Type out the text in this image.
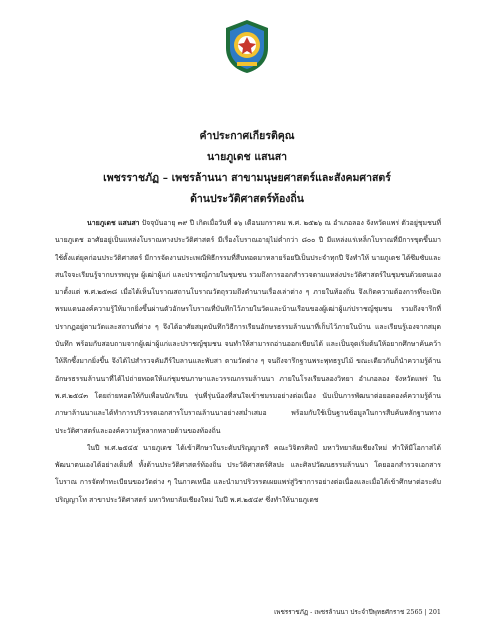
คำประกาศเกียรติคุณ
นายภูเดช แสนสา
เพชรราชภัฏ – เพชรล้านนา สาขามนุษยศาสตร์และสังคมศาสตร์
ด้านประวัติศาสตร์ท้องถิ่น

นายภูเดช แสนสา ปัจจุบันอายุ ๓๙ ปี เกิดเมื่อวันที่ ๑๖ เดือนมกราคม พ.ศ. ๒๕๒๖ ณ อำเภอลอง จังหวัดแพร่ ตัวอยู่ชุมชนที่นายภูเดช อาศัยอยู่เป็นแหล่งโบราณทางประวัติศาสตร์ มีเรื่องโบราณอายุไม่ต่ำกว่า ๘๐๐ ปี มีแหล่งแร่เหล็กโบราณที่มีการขุดขึ้นมาใช้ตั้งแต่ยุคก่อนประวัติศาสตร์ มีการจัดงานประเพณีพิธีกรรมที่สืบทอดมาหลายร้อยปีเป็นประจำทุกปี จึงทำให้ นายภูเดช ได้ซึมซับและสนใจจะเรียนรู้จากบรรพบุรุษ ผู้เฒ่าผู้แก่ และปราชญ์ภายในชุมชน รวมถึงการออกสำรวจตามแหล่งประวัติศาสตร์ในชุมชนด้วยตนเองมาตั้งแต่ พ.ศ.๒๕๓๘ เมื่อได้เห็นโบราณสถานโบราณวัตถุรวมถึงตำนานเรื่องเล่าต่าง ๆ ภายในท้องถิ่น จึงเกิดความต้องการที่จะเปิดพรมแดนองค์ความรู้ให้มากยิ่งขึ้นผ่านตัวอักษรโบราณที่บันทึกไว้ภายในวัดและบ้านเรือนของผู้เฒ่าผู้แก่ปราชญ์ชุมชน รวมถึงจารึกที่ปรากฏอยู่ตามวัดและสถานที่ต่าง ๆ จึงได้อาศัยสมุดบันทึกวิธีการเรียนอักษรธรรมล้านนาที่เก็บไว้ภายในบ้าน และเรียนรู้เองจากสมุดบันทึก พร้อมกับสอบถามจากผู้เฒ่าผู้แก่และปราชญ์ชุมชน จนทำให้สามารถอ่านออกเขียนได้ และเป็นจุดเริ่มต้นให้อยากศึกษาค้นคว้าให้ลึกซึ้งมากยิ่งขึ้น จึงได้ไปสำรวจคัมภีร์ใบลานและพับสา ตามวัดต่าง ๆ จนถึงจารึกฐานพระพุทธรูปไม้ ขณะเดียวกันก็นำความรู้ด้านอักษรธรรมล้านนาที่ได้ไปถ่ายทอดให้แก่ชุมชนภาษาและวรรณกรรมล้านนา ภายในโรงเรียนลองวิทยา อำเภอลอง จังหวัดแพร่ ใน พ.ศ.๒๕๔๓ โดยถ่ายทอดให้กับเพื่อนนักเรียน รุ่นพี่รุ่นน้องที่สนใจเข้าชมรมอย่างต่อเนื่อง นับเป็นการพัฒนาต่อยอดองค์ความรู้ด้านภาษาล้านนาและได้ทำการปริวรรตเอกสารโบราณล้านนาอย่างสม่ำเสมอ พร้อมกับใช้เป็นฐานข้อมูลในการสืบค้นหลักฐานทางประวัติศาสตร์และองค์ความรู้หลากหลายด้านของท้องถิ่น

ในปี พ.ศ.๒๕๔๕ นายภูเดช ได้เข้าศึกษาในระดับปริญญาตรี คณะวิจิตรศิลป์ มหาวิทยาลัยเชียงใหม่ ทำให้มีโอกาสได้พัฒนาตนเองได้อย่างเต็มที่ ทั้งด้านประวัติศาสตร์ท้องถิ่น ประวัติศาสตร์ศิลปะ และศิลปวัฒนธรรมล้านนา โดยออกสำรวจเอกสารโบราณ การจัดทำทะเบียนของวัดต่าง ๆ ในภาคเหนือ และนำมาปริวรรตเผยแพร่สู่วิชาการอย่างต่อเนื่องและเมื่อได้เข้าศึกษาต่อระดับปริญญาโท สาขาประวัติศาสตร์ มหาวิทยาลัยเชียงใหม่ ในปี พ.ศ.๒๕๔๙ ซึ่งทำให้นายภูเดช

เพชรราชภัฏ - เพชรล้านนา ประจำปีพุทธศักราช 2565 | 201
